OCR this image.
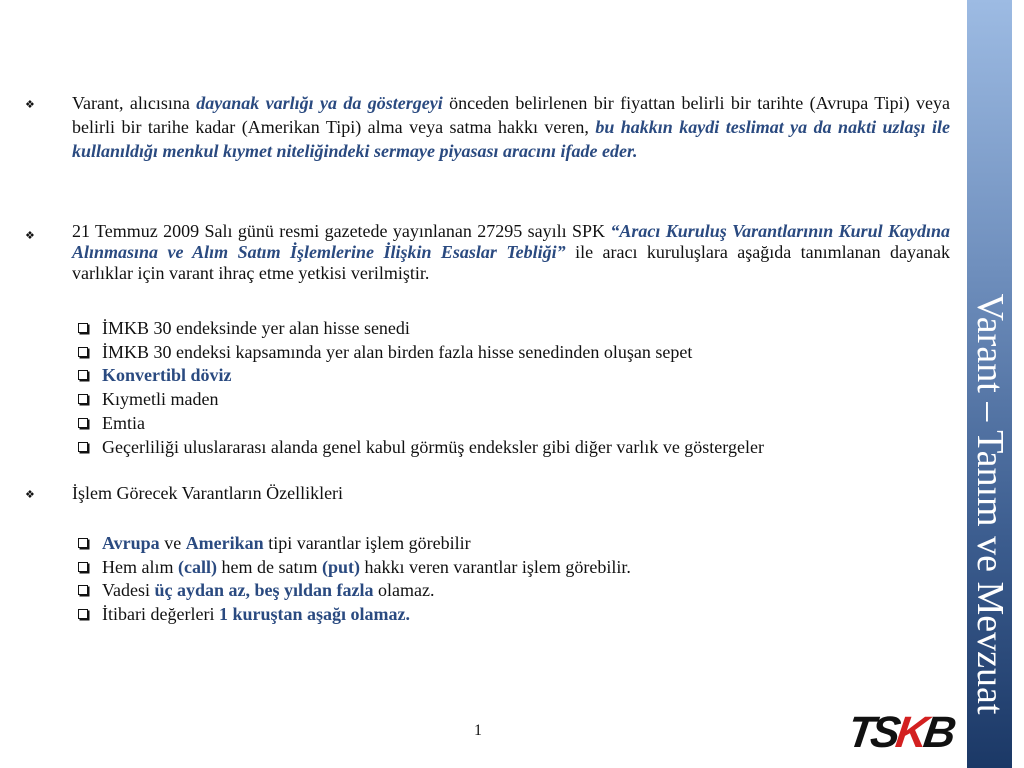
Varant – Tanım ve Mevzuat
❖ Varant, alıcısına dayanak varlığı ya da göstergeyi önceden belirlenen bir fiyattan belirli bir tarihte (Avrupa Tipi) veya belirli bir tarihe kadar (Amerikan Tipi) alma veya satma hakkı veren, bu hakkın kaydi teslimat ya da nakti uzlaşı ile kullanıldığı menkul kıymet niteliğindeki sermaye piyasası aracını ifade eder.
❖ 21 Temmuz 2009 Salı günü resmi gazetede yayınlanan 27295 sayılı SPK “Aracı Kuruluş Varantlarının Kurul Kaydına Alınmasına ve Alım Satım İşlemlerine İlişkin Esaslar Tebliği” ile aracı kuruluşlara aşağıda tanımlanan dayanak varlıklar için varant ihraç etme yetkisi verilmiştir.
İMKB 30 endeksinde yer alan hisse senedi
İMKB 30 endeksi kapsamında yer alan birden fazla hisse senedinden oluşan sepet
Konvertibl döviz
Kıymetli maden
Emtia
Geçerliliği uluslararası alanda genel kabul görmüş endeksler gibi diğer varlık ve göstergeler
❖ İşlem Görecek Varantların Özellikleri
Avrupa ve Amerikan tipi varantlar işlem görebilir
Hem alım (call) hem de satım (put) hakkı veren varantlar işlem görebilir.
Vadesi üç aydan az, beş yıldan fazla olamaz.
İtibari değerleri 1 kuruştan aşağı olamaz.
1	TSKB
